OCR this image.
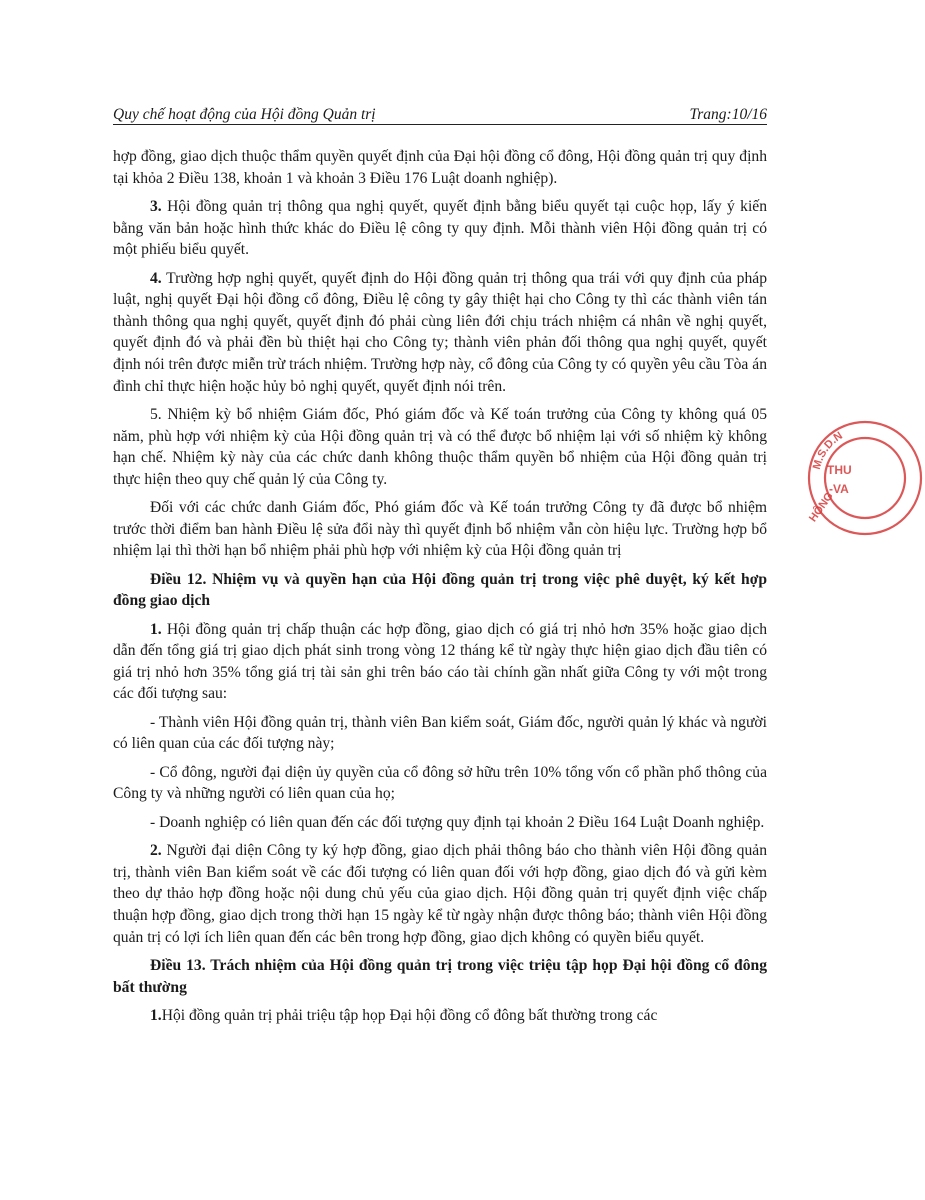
Quy chế hoạt động của Hội đồng Quản trị	Trang:10/16

hợp đồng, giao dịch thuộc thẩm quyền quyết định của Đại hội đồng cổ đông, Hội đồng quản trị quy định tại khỏa 2 Điều 138, khoản 1 và khoản 3 Điều 176 Luật doanh nghiệp).

3. Hội đồng quản trị thông qua nghị quyết, quyết định bằng biểu quyết tại cuộc họp, lấy ý kiến bằng văn bản hoặc hình thức khác do Điều lệ công ty quy định. Mỗi thành viên Hội đồng quản trị có một phiếu biểu quyết.

4. Trường hợp nghị quyết, quyết định do Hội đồng quản trị thông qua trái với quy định của pháp luật, nghị quyết Đại hội đồng cổ đông, Điều lệ công ty gây thiệt hại cho Công ty thì các thành viên tán thành thông qua nghị quyết, quyết định đó phải cùng liên đới chịu trách nhiệm cá nhân về nghị quyết, quyết định đó và phải đền bù thiệt hại cho Công ty; thành viên phản đối thông qua nghị quyết, quyết định nói trên được miễn trừ trách nhiệm. Trường hợp này, cổ đông của Công ty có quyền yêu cầu Tòa án đình chỉ thực hiện hoặc hủy bỏ nghị quyết, quyết định nói trên.

5. Nhiệm kỳ bổ nhiệm Giám đốc, Phó giám đốc và Kế toán trưởng của Công ty không quá 05 năm, phù hợp với nhiệm kỳ của Hội đồng quản trị và có thể được bổ nhiệm lại với số nhiệm kỳ không hạn chế. Nhiệm kỳ này của các chức danh không thuộc thẩm quyền bổ nhiệm của Hội đồng quản trị thực hiện theo quy chế quản lý của Công ty.

Đối với các chức danh Giám đốc, Phó giám đốc và Kế toán trưởng Công ty đã được bổ nhiệm trước thời điểm ban hành Điều lệ sửa đổi này thì quyết định bổ nhiệm vẫn còn hiệu lực. Trường hợp bổ nhiệm lại thì thời hạn bổ nhiệm phải phù hợp với nhiệm kỳ của Hội đồng quản trị

Điều 12. Nhiệm vụ và quyền hạn của Hội đồng quản trị trong việc phê duyệt, ký kết hợp đồng giao dịch

1. Hội đồng quản trị chấp thuận các hợp đồng, giao dịch có giá trị nhỏ hơn 35% hoặc giao dịch dẫn đến tổng giá trị giao dịch phát sinh trong vòng 12 tháng kể từ ngày thực hiện giao dịch đầu tiên có giá trị nhỏ hơn 35% tổng giá trị tài sản ghi trên báo cáo tài chính gần nhất giữa Công ty với một trong các đối tượng sau:

- Thành viên Hội đồng quản trị, thành viên Ban kiểm soát, Giám đốc, người quản lý khác và người có liên quan của các đối tượng này;

- Cổ đông, người đại diện ủy quyền của cổ đông sở hữu trên 10% tổng vốn cổ phần phổ thông của Công ty và những người có liên quan của họ;

- Doanh nghiệp có liên quan đến các đối tượng quy định tại khoản 2 Điều 164 Luật Doanh nghiệp.

2. Người đại diện Công ty ký hợp đồng, giao dịch phải thông báo cho thành viên Hội đồng quản trị, thành viên Ban kiểm soát về các đối tượng có liên quan đối với hợp đồng, giao dịch đó và gửi kèm theo dự thảo hợp đồng hoặc nội dung chủ yếu của giao dịch. Hội đồng quản trị quyết định việc chấp thuận hợp đồng, giao dịch trong thời hạn 15 ngày kể từ ngày nhận được thông báo; thành viên Hội đồng quản trị có lợi ích liên quan đến các bên trong hợp đồng, giao dịch không có quyền biểu quyết.

Điều 13. Trách nhiệm của Hội đồng quản trị trong việc triệu tập họp Đại hội đồng cổ đông bất thường

1.Hội đồng quản trị phải triệu tập họp Đại hội đồng cổ đông bất thường trong các

M.S.D.N
THU
-VA
HÔNG
